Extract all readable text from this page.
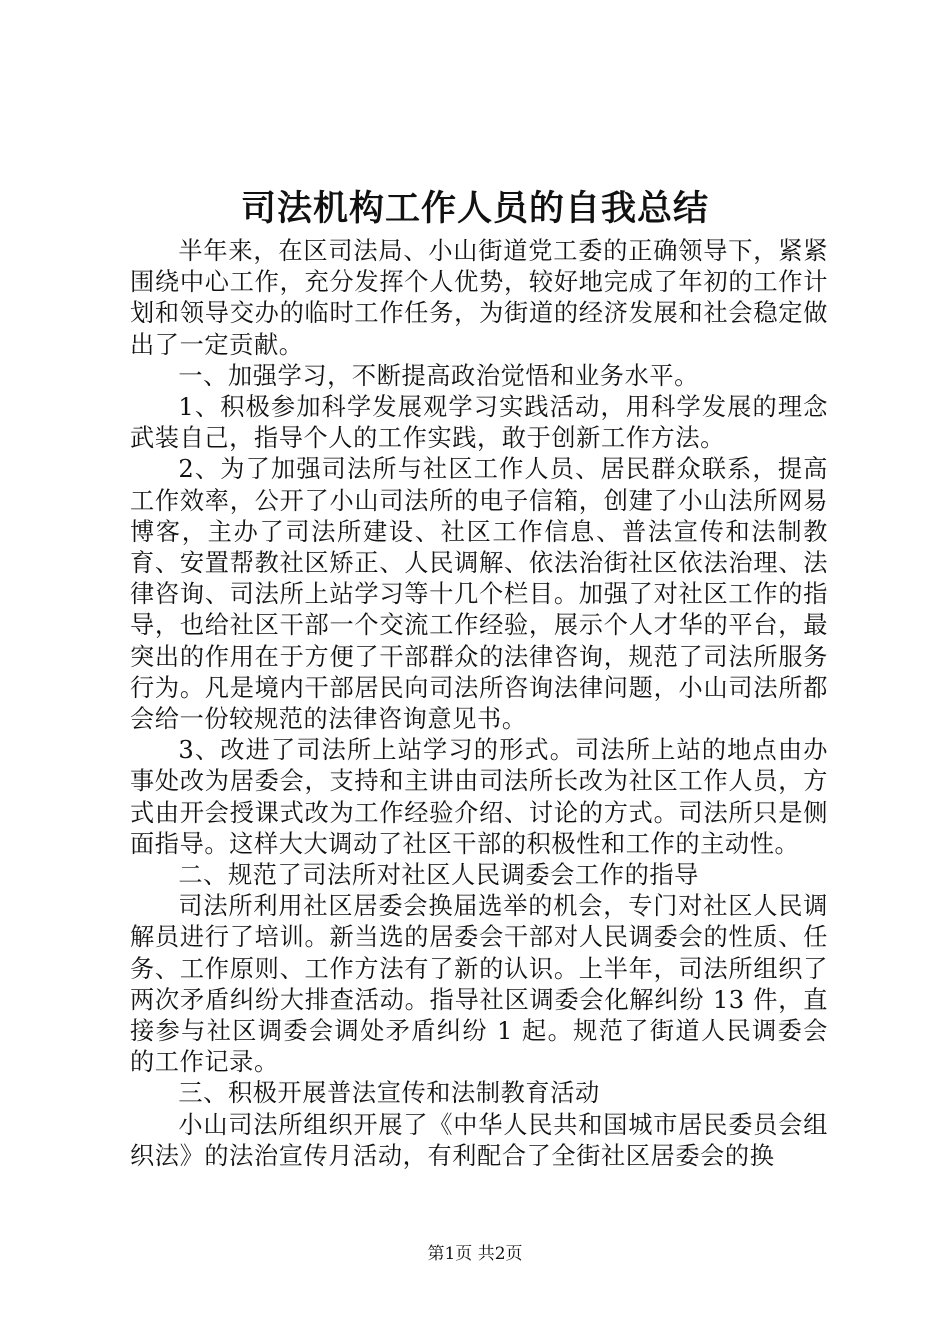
司法机构工作人员的自我总结

半年来，在区司法局、小山街道党工委的正确领导下，紧紧围绕中心工作，充分发挥个人优势，较好地完成了年初的工作计划和领导交办的临时工作任务，为街道的经济发展和社会稳定做出了一定贡献。

一、加强学习，不断提高政治觉悟和业务水平。

1、积极参加科学发展观学习实践活动，用科学发展的理念武装自己，指导个人的工作实践，敢于创新工作方法。

2、为了加强司法所与社区工作人员、居民群众联系，提高工作效率，公开了小山司法所的电子信箱，创建了小山法所网易博客，主办了司法所建设、社区工作信息、普法宣传和法制教育、安置帮教社区矫正、人民调解、依法治街社区依法治理、法律咨询、司法所上站学习等十几个栏目。加强了对社区工作的指导，也给社区干部一个交流工作经验，展示个人才华的平台，最突出的作用在于方便了干部群众的法律咨询，规范了司法所服务行为。凡是境内干部居民向司法所咨询法律问题，小山司法所都会给一份较规范的法律咨询意见书。

3、改进了司法所上站学习的形式。司法所上站的地点由办事处改为居委会，支持和主讲由司法所长改为社区工作人员，方式由开会授课式改为工作经验介绍、讨论的方式。司法所只是侧面指导。这样大大调动了社区干部的积极性和工作的主动性。

二、规范了司法所对社区人民调委会工作的指导

司法所利用社区居委会换届选举的机会，专门对社区人民调解员进行了培训。新当选的居委会干部对人民调委会的性质、任务、工作原则、工作方法有了新的认识。上半年，司法所组织了两次矛盾纠纷大排查活动。指导社区调委会化解纠纷 13 件，直接参与社区调委会调处矛盾纠纷 1 起。规范了街道人民调委会的工作记录。

三、积极开展普法宣传和法制教育活动

小山司法所组织开展了《中华人民共和国城市居民委员会组织法》的法治宣传月活动，有利配合了全街社区居委会的换

第1页 共2页
